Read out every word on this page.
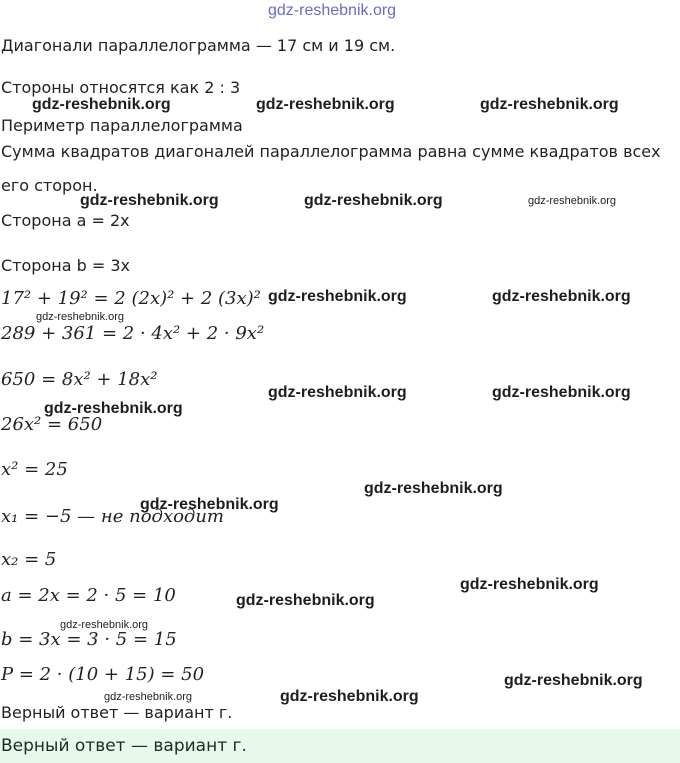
gdz-reshebnik.org
Диагонали параллелограмма — 17 см и 19 см.
Стороны относятся как 2 : 3
Периметр параллелограмма
Сумма квадратов диагоналей параллелограмма равна сумме квадратов всех
его сторон.
Сторона a = 2x
Сторона b = 3x
17² + 19² = 2 (2x)² + 2 (3x)²
289 + 361 = 2 · 4x² + 2 · 9x²
650 = 8x² + 18x²
26x² = 650
x² = 25
x₁ = −5 — не подходит
x₂ = 5
a = 2x = 2 · 5 = 10
b = 3x = 3 · 5 = 15
P = 2 · (10 + 15) = 50
Верный ответ — вариант г.
gdz-reshebnik.org	gdz-reshebnik.org	gdz-reshebnik.org
gdz-reshebnik.org	gdz-reshebnik.org	gdz-reshebnik.org
gdz-reshebnik.org	gdz-reshebnik.org
gdz-reshebnik.org
gdz-reshebnik.org	gdz-reshebnik.org
gdz-reshebnik.org
gdz-reshebnik.org
gdz-reshebnik.org
gdz-reshebnik.org
gdz-reshebnik.org
gdz-reshebnik.org
gdz-reshebnik.org
gdz-reshebnik.org	gdz-reshebnik.org
Верный ответ — вариант г.
